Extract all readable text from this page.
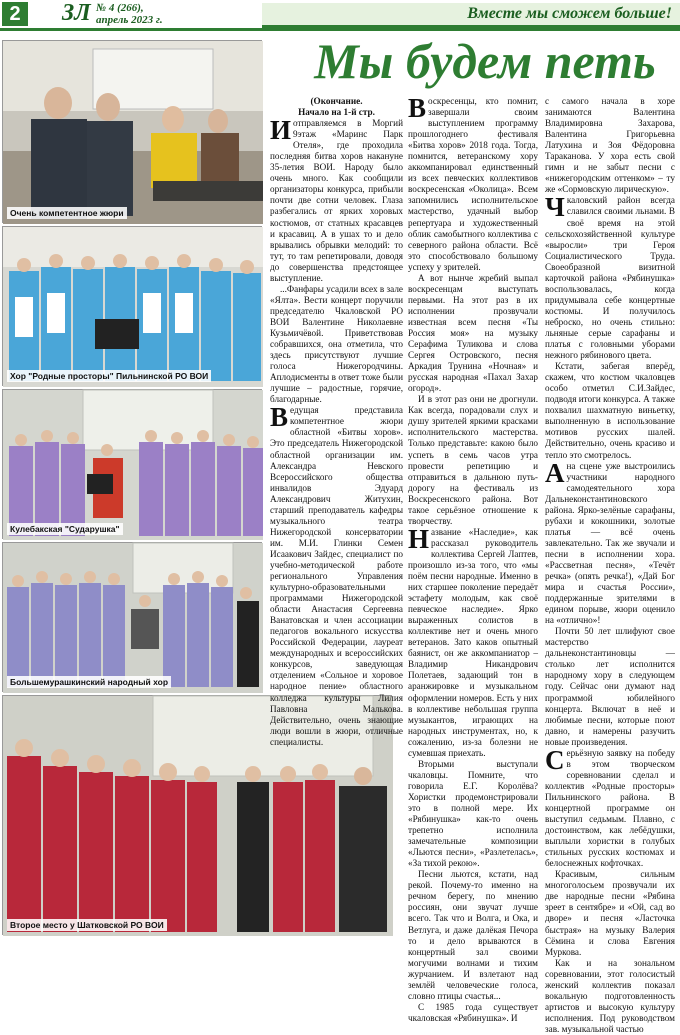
2	ЗЛ № 4 (266),
апрель 2023 г.	Вместе мы сможем больше!
Очень компетентное жюри
Хор "Родные просторы" Пильнинской РО ВОИ
Кулебакская "Сударушка"
Большемурашкинский народный хор
Второе место у Шатковской РО ВОИ
Мы будем петь

(Окончание.

Начало на 1-й стр.

Иотправляемся в Моргий 9этаж «Маринс Парк Отеля», где проходила последняя битва хоров накануне 35-летия ВОИ. Народу было очень много. Как сообщили организаторы конкурса, прибыли почти две сотни человек. Глаза разбегались от ярких хоровых костюмов, от статных красавцев и красавиц. А в ушах то и дело врывались обрывки мелодий: то тут, то там репетировали, доводя до совершенства предстоящее выступление.

...Фанфары усадили всех в зале «Ялта». Вести концерт поручили председателю Чкаловской РО ВОИ Валентине Николаевне Кузьмичёвой. Приветствовав собравшихся, она отметила, что здесь присутствуют лучшие голоса Нижегородчины. Аплодисменты в ответ тоже были лучшие – радостные, горячие, благодарные.

Ведущая представила компетентное жюри областной «Битвы хоров». Это председатель Нижегородской областной организации им. Александра Невского Всероссийского общества инвалидов Эдуард Александрович Житухин, старший преподаватель кафедры музыкального театра Нижегородской консерватории им. М.И. Глинки Семен Исаакович Зайдес, специалист по учебно-методической работе регионального Управления культурно-образовательными программами Нижегородской области Анастасия Сергеевна Ванатовская и член ассоциации педагогов вокального искусства Российской Федерации, лауреат международных и всероссийских конкурсов, заведующая отделением «Сольное и хоровое народное пение» областного колледжа культуры Лилия Павловна Малькова. Действительно, очень знающие люди вошли в жюри, отличные специалисты.

Воскресенцы, кто помнит, завершали своим выступлением программу прошлогоднего фестиваля «Битва хоров» 2018 года. Тогда, помнится, ветеранскому хору аккомпанировал единственный из всех певческих коллективов воскресенская «Околица». Всем запомнились исполнительское мастерство, удачный выбор репертуара и художественный облик самобытного коллектива с северного района области. Всё это способствовало большому успеху у зрителей.

А вот нынче жребий выпал воскресенцам выступать первыми. На этот раз в их исполнении прозвучали известная всем песня «Ты Россия моя» на музыку Серафима Туликова и слова Сергея Островского, песня Аркадия Трунина «Ночная» и русская народная «Пахал Захар огород».

И в этот раз они не дрогнули. Как всегда, порадовали слух и душу зрителей яркими красками исполнительского мастерства. Только представьте: какою было успеть в семь часов утра провести репетицию и отправиться в дальнюю путь-дорогу на фестиваль из Воскресенского района. Вот такое серьёзное отношение к творчеству.

Название «Наследие», как рассказал руководитель коллектива Сергей Лаптев, произошло из-за того, что «мы поём песни народные. Именно в них старшее поколение передаёт эстафету молодым, как своё певческое наследие». Ярко выраженных солистов в коллективе нет и очень много ветеранов. Зато каков опытный баянист, он же аккомпаниатор – Владимир Никандрович Полетаев, задающий тон в аранжировке и музыкальном оформлении номеров. Есть у них в коллективе небольшая группа музыкантов, играющих на народных инструментах, но, к сожалению, из-за болезни не сумевшая приехать.

Вторыми выступали чкаловцы. Помните, что говорила Е.Г. Королёва? Хористки продемонстрировали это в полной мере. Их «Рябинушка» как-то очень трепетно исполнила замечательные композиции «Льются песни», «Разлетелась», «За тихой рекою».

Песни льются, кстати, над рекой. Почему-то именно на речном берегу, по мнению россиян, они звучат лучше всего. Так что и Волга, и Ока, и Ветлуга, и даже далёкая Печора то и дело врываются в концертный зал своими могучими волнами и тихим журчанием. И взлетают над землёй человеческие голоса, словно птицы счастья...

С 1985 года существует чкаловская «Рябинушка». И

с самого начала в хоре занимаются Валентина Владимировна Захарова, Валентина Григорьевна Латухина и Зоя Фёдоровна Тараканова. У хора есть свой гимн и не забыт песни с «нижегородским оттенком» – ту же «Сормовскую лирическую».

Чкаловский район всегда славился своими льнами. В своё время на этой сельскохозяйственной культуре «выросли» три Героя Социалистического Труда. Своеобразной визитной карточкой района «Рябинушка» воспользовалась, когда придумывала себе концертные костюмы. И получилось неброско, но очень стильно: льняные серые сарафаны и платья с головными уборами нежного рябинового цвета.

Кстати, забегая вперёд, скажем, что костюм чкаловцев особо отметил С.И.Зайдес, подводя итоги конкурса. А также похвалил шахматную виньетку, выполненную в использование мотивов русских шалей. Действительно, очень красиво и тепло это смотрелось.

Ана сцене уже выстроились участники народного самодеятельного хора Дальнеконстантиновского района. Ярко-зелёные сарафаны, рубахи и кокошники, золотые платья — всё очень завлекательно. Так же звучали и песни в исполнении хора. «Рассветная песня», «Течёт речка» (опять речка!), «Дай Бог мира и счастья России», поддержанные зрителями в едином порыве, жюри оценило на «отлично»!

Почти 50 лет шлифуют свое мастерство дальнеконстантиновцы — столько лет исполнится народному хору в следующем году. Сейчас они думают над программой юбилейного концерта. Включат в неё и любимые песни, которые поют давно, и намерены разучить новые произведения.

Серьёзную заявку на победу в этом творческом соревновании сделал и коллектив «Родные просторы» Пильнинского района. В концертной программе он выступил седьмым. Плавно, с достоинством, как лебёдушки, выплыли хористки в голубых стильных русских костюмах и белоснежных кофточках.

Красивым, сильным многоголосьем прозвучали их две народные песни «Рябина зреет в сентябре» и «Ой, сад во дворе» и песня «Ласточка быстрая» на музыку Валерия Сёмина и слова Евгения Муркова.

Как и на зональном соревновании, этот голосистый женский коллектив показал вокальную подготовленность артистов и высокую культуру исполнения. Под руководством зав. музыкальной частью
